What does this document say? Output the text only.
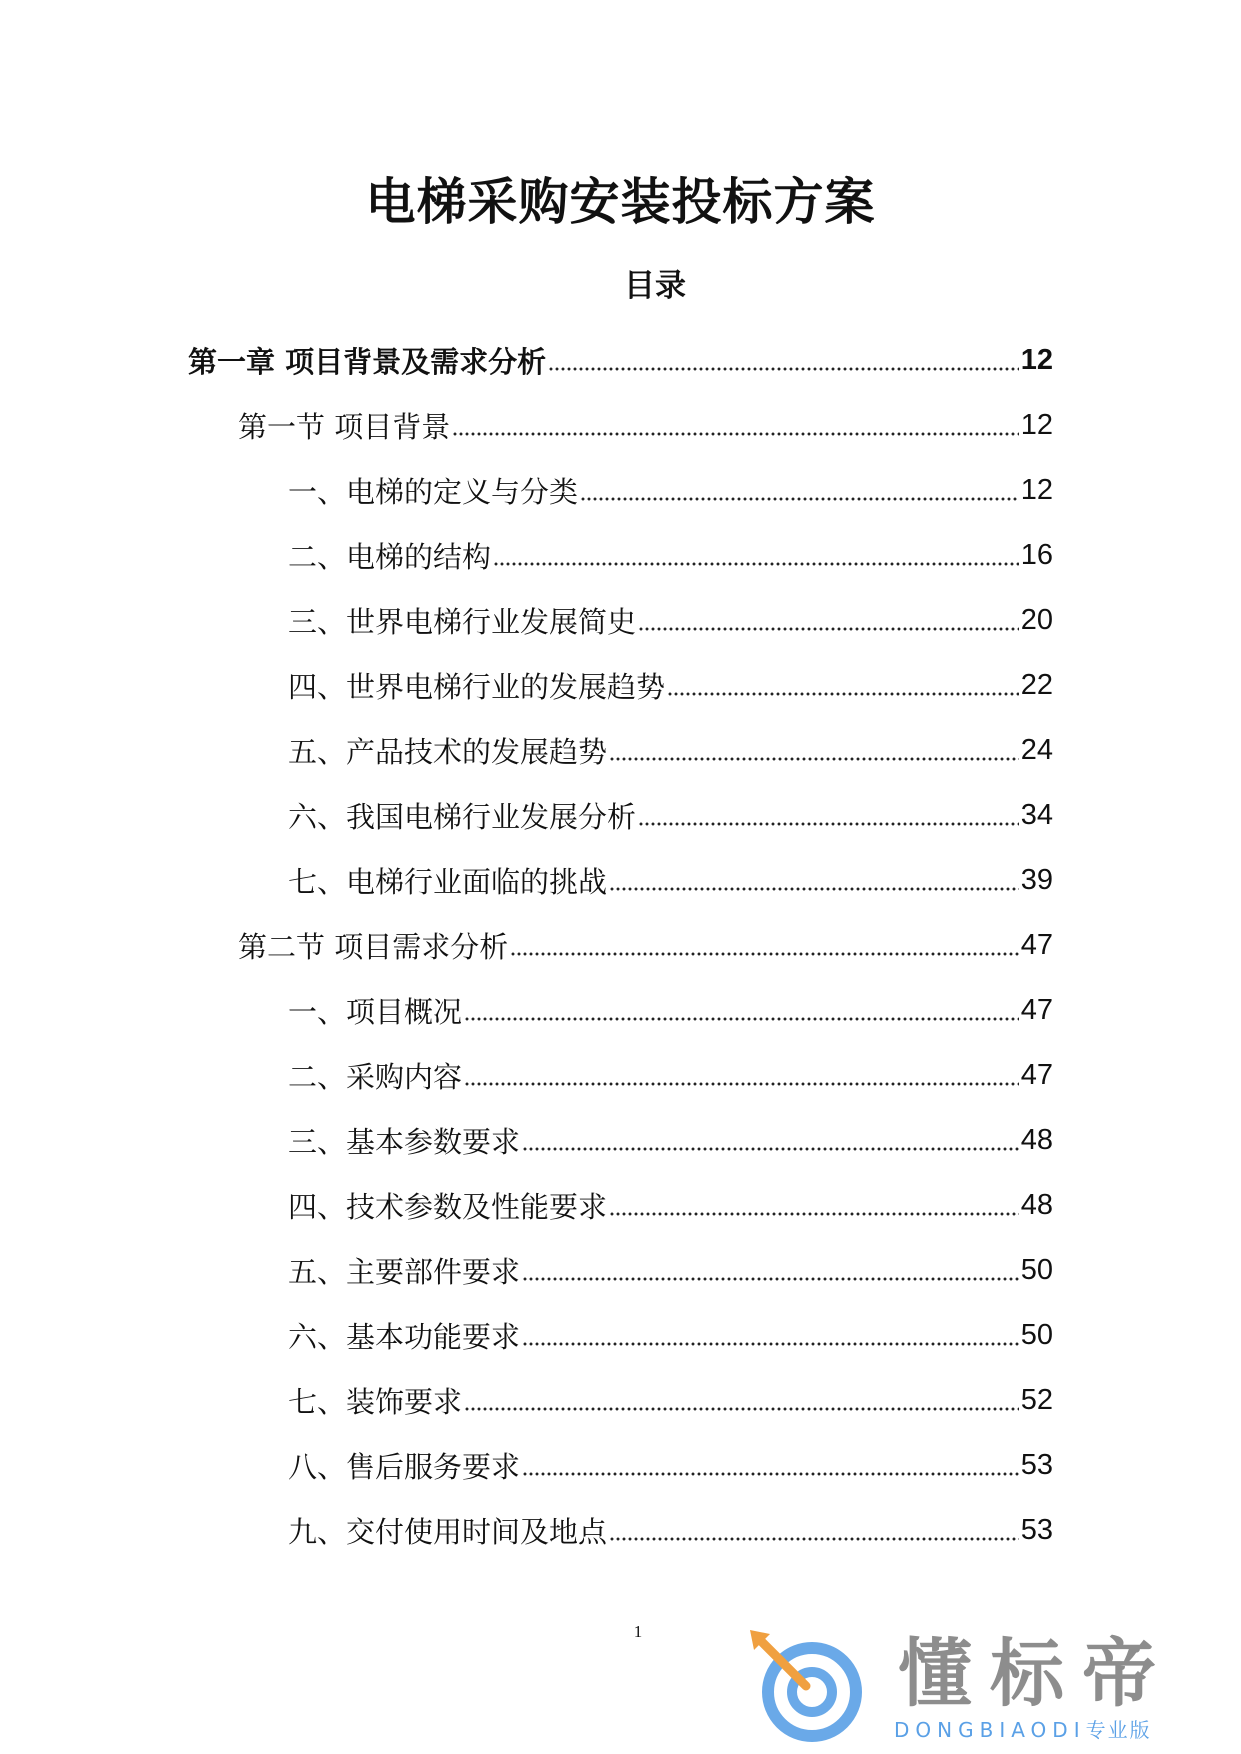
电梯采购安装投标方案
目录
第一章 项目背景及需求分析	12
第一节 项目背景	12
一、电梯的定义与分类	12
二、电梯的结构	16
三、世界电梯行业发展简史	20
四、世界电梯行业的发展趋势	22
五、产品技术的发展趋势	24
六、我国电梯行业发展分析	34
七、电梯行业面临的挑战	39
第二节 项目需求分析	47
一、项目概况	47
二、采购内容	47
三、基本参数要求	48
四、技术参数及性能要求	48
五、主要部件要求	50
六、基本功能要求	50
七、装饰要求	52
八、售后服务要求	53
九、交付使用时间及地点	53
1	懂标帝
DONGBIAODI专业版
